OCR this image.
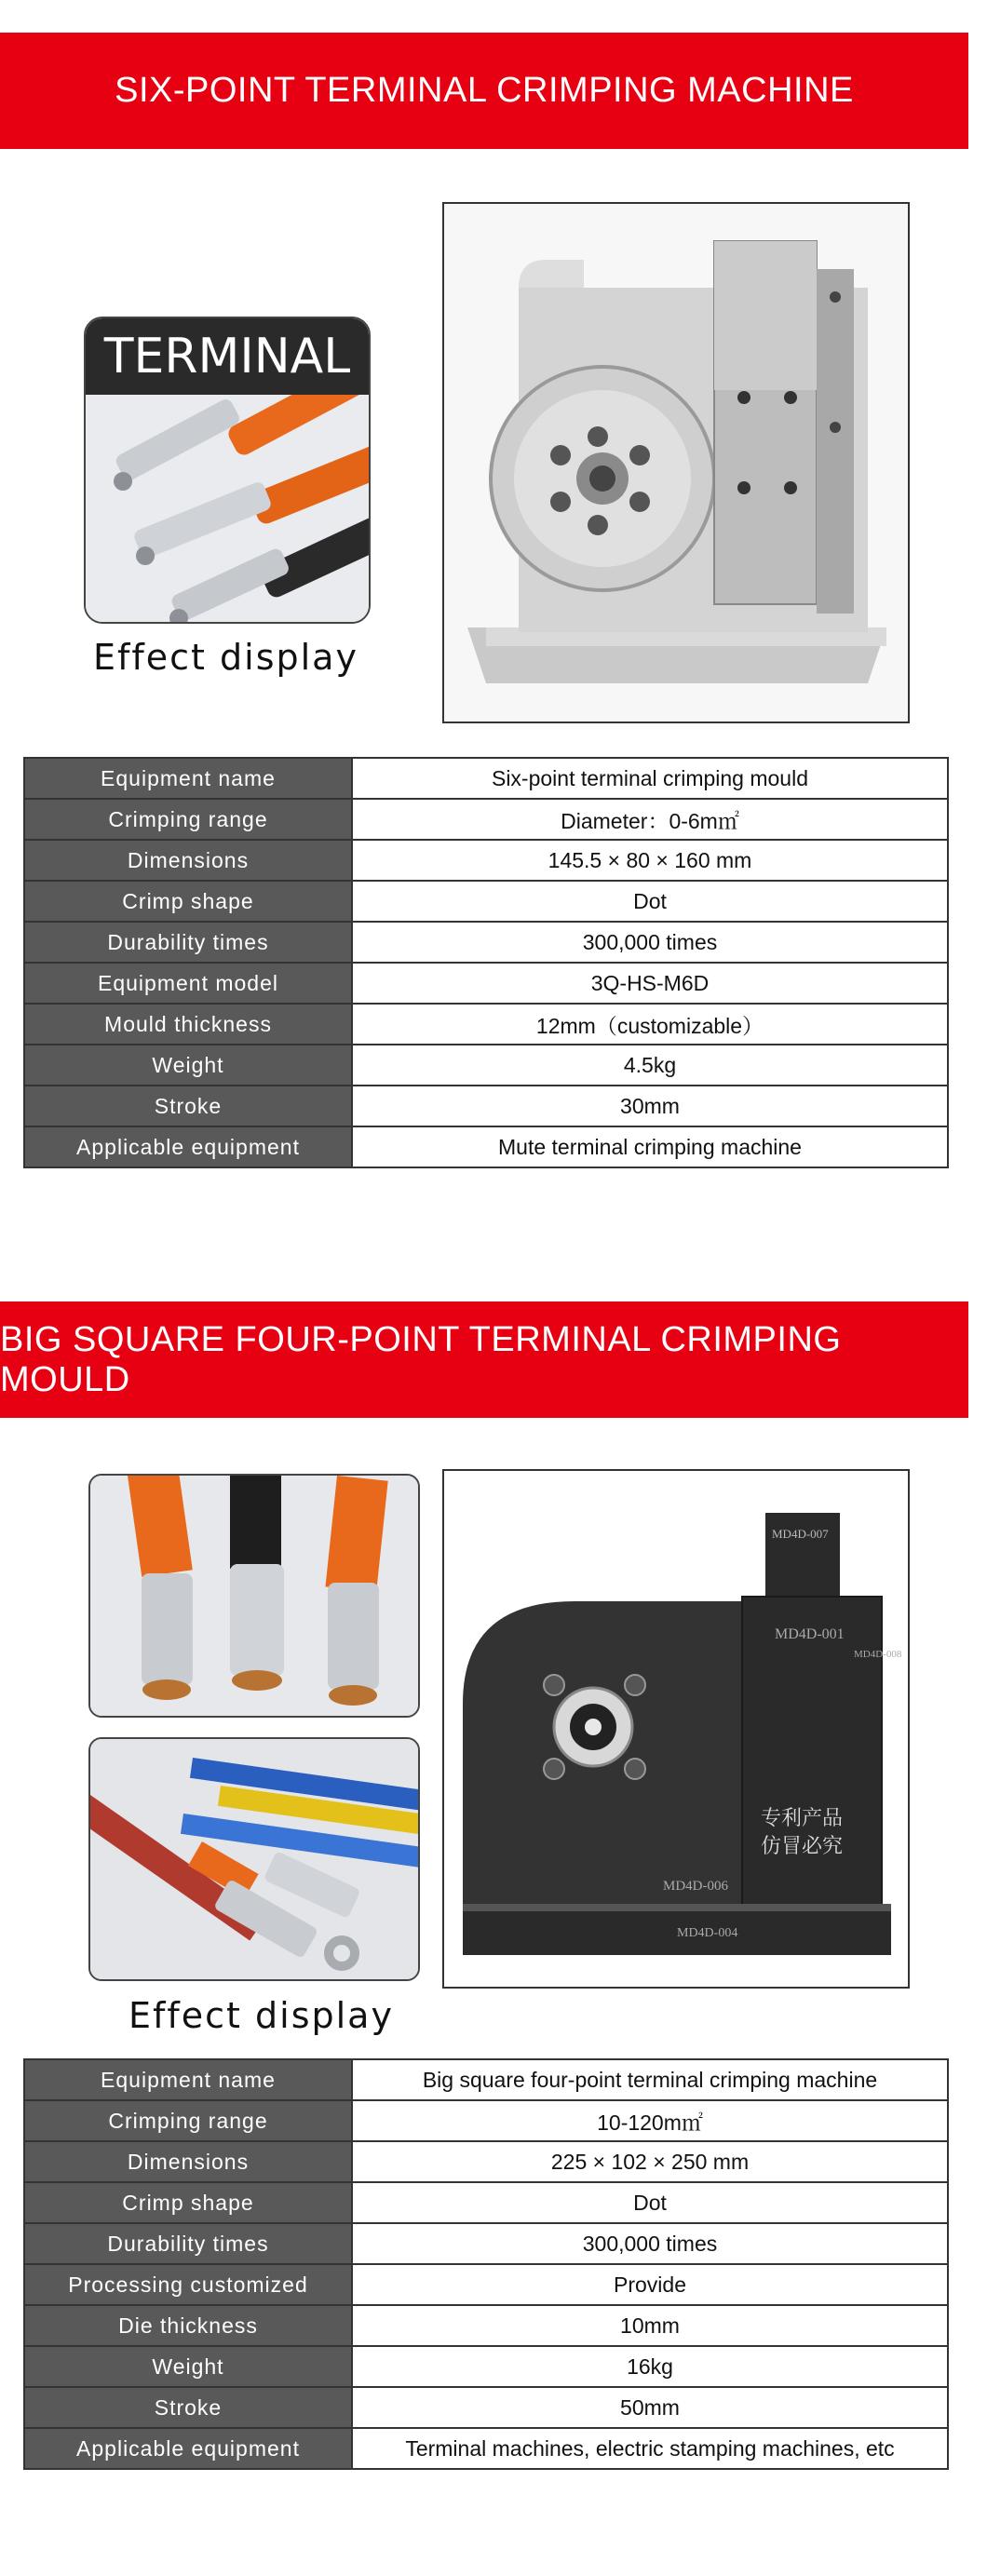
SIX-POINT TERMINAL CRIMPING MACHINE
TERMINAL
Effect display
Equipment name	Six-point terminal crimping mould
Crimping range	Diameter：0-6m㎡
Dimensions	145.5 × 80 × 160 mm
Crimp shape	Dot
Durability times	300,000 times
Equipment model	3Q-HS-M6D
Mould thickness	12mm（customizable）
Weight	4.5kg
Stroke	30mm
Applicable equipment	Mute terminal crimping machine
BIG SQUARE FOUR-POINT TERMINAL CRIMPING MOULD
Effect display
MD4D-007
MD4D-001
MD4D-008
专利产品
仿冒必究
MD4D-006
MD4D-004
Equipment name	Big square four-point terminal crimping machine
Crimping range	10-120m㎡
Dimensions	225 × 102 × 250 mm
Crimp shape	Dot
Durability times	300,000 times
Processing customized	Provide
Die thickness	10mm
Weight	16kg
Stroke	50mm
Applicable equipment	Terminal machines, electric stamping machines, etc
